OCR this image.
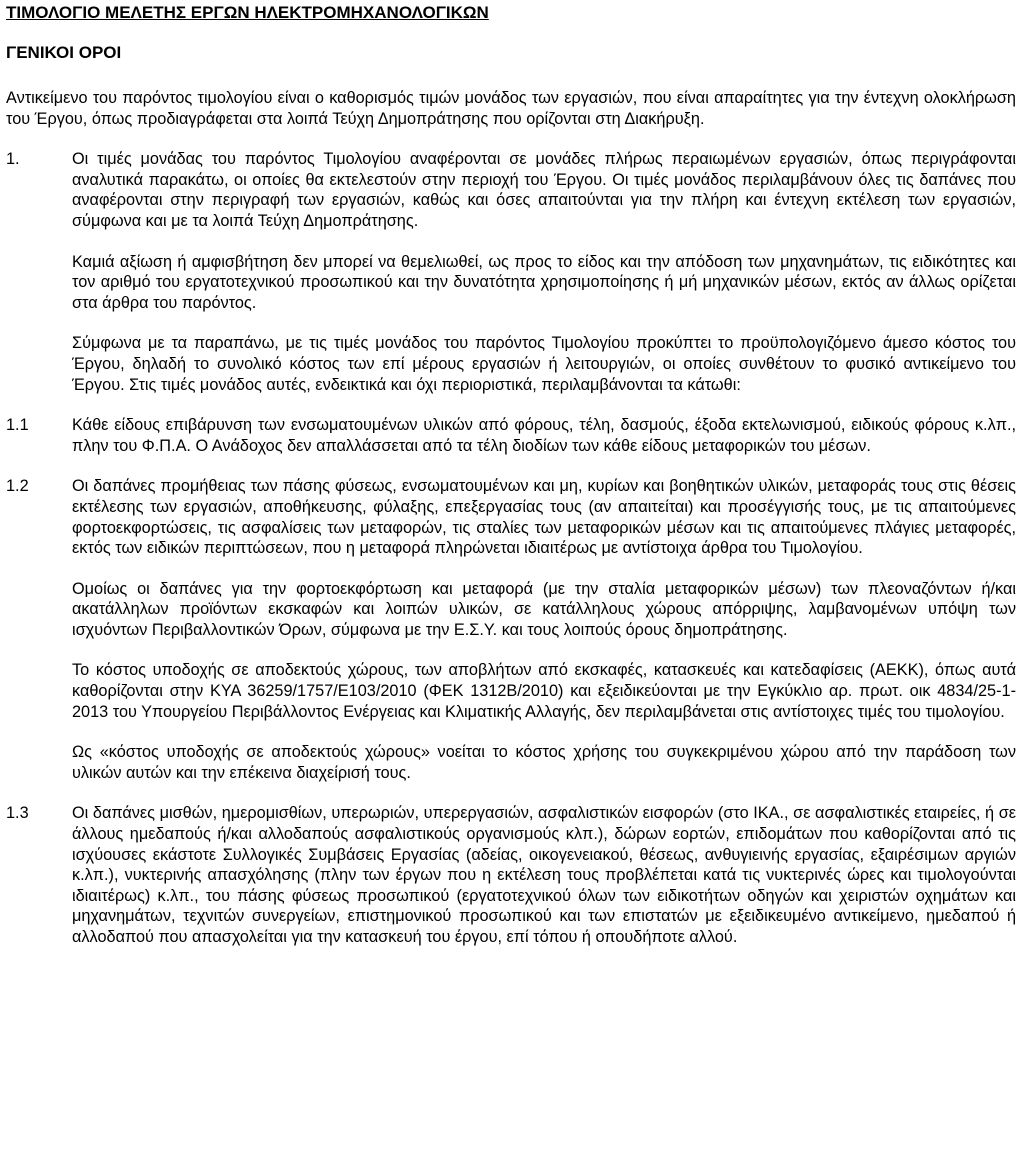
ΤΙΜΟΛΟΓΙΟ ΜΕΛΕΤΗΣ ΕΡΓΩΝ ΗΛΕΚΤΡΟΜΗΧΑΝΟΛΟΓΙΚΩΝ
ΓΕΝΙΚΟΙ ΟΡΟΙ

Αντικείμενο του παρόντος τιμολογίου είναι ο καθορισμός τιμών μονάδος των εργασιών, που είναι απαραίτητες για την έντεχνη ολοκλήρωση του Έργου, όπως προδιαγράφεται στα λοιπά Τεύχη Δημοπράτησης που ορίζονται στη Διακήρυξη.

1.	Οι τιμές μονάδας του παρόντος Τιμολογίου αναφέρονται σε μονάδες πλήρως περαιωμένων εργασιών, όπως περιγράφονται αναλυτικά παρακάτω, οι οποίες θα εκτελεστούν στην περιοχή του Έργου. Οι τιμές μονάδος περιλαμβάνουν όλες τις δαπάνες που αναφέρονται στην περιγραφή των εργασιών, καθώς και όσες απαιτούνται για την πλήρη και έντεχνη εκτέλεση των εργασιών, σύμφωνα και με τα λοιπά Τεύχη Δημοπράτησης.

Καμιά αξίωση ή αμφισβήτηση δεν μπορεί να θεμελιωθεί, ως προς το είδος και την απόδοση των μηχανημάτων, τις ειδικότητες και τον αριθμό του εργατοτεχνικού προσωπικού και την δυνατότητα χρησιμοποίησης ή μή μηχανικών μέσων, εκτός αν άλλως ορίζεται στα άρθρα του παρόντος.

Σύμφωνα με τα παραπάνω, με τις τιμές μονάδος του παρόντος Τιμολογίου προκύπτει το προϋπολογιζόμενο άμεσο κόστος του Έργου, δηλαδή το συνολικό κόστος των επί μέρους εργασιών ή λειτουργιών, οι οποίες συνθέτουν το φυσικό αντικείμενο του Έργου. Στις τιμές μονάδος αυτές, ενδεικτικά και όχι περιοριστικά, περιλαμβάνονται τα κάτωθι:

1.1	Κάθε είδους επιβάρυνση των ενσωματουμένων υλικών από φόρους, τέλη, δασμούς, έξοδα εκτελωνισμού, ειδικούς φόρους κ.λπ., πλην του Φ.Π.Α. Ο Ανάδοχος δεν απαλλάσσεται από τα τέλη διοδίων των κάθε είδους μεταφορικών του μέσων.

1.2	Οι δαπάνες προμήθειας των πάσης φύσεως, ενσωματουμένων και μη, κυρίων και βοηθητικών υλικών, μεταφοράς τους στις θέσεις εκτέλεσης των εργασιών, αποθήκευσης, φύλαξης, επεξεργασίας τους (αν απαιτείται) και προσέγγισής τους, με τις απαιτούμενες φορτοεκφορτώσεις, τις ασφαλίσεις των μεταφορών, τις σταλίες των μεταφορικών μέσων και τις απαιτούμενες πλάγιες μεταφορές, εκτός των ειδικών περιπτώσεων, που η μεταφορά πληρώνεται ιδιαιτέρως με αντίστοιχα άρθρα του Τιμολογίου.

Ομοίως οι δαπάνες για την φορτοεκφόρτωση και μεταφορά (με την σταλία μεταφορικών μέσων) των πλεοναζόντων ή/και ακατάλληλων προϊόντων εκσκαφών και λοιπών υλικών, σε κατάλληλους χώρους απόρριψης, λαμβανομένων υπόψη των ισχυόντων Περιβαλλοντικών Όρων, σύμφωνα με την Ε.Σ.Υ. και τους λοιπούς όρους δημοπράτησης.

Το κόστος υποδοχής σε αποδεκτούς χώρους, των αποβλήτων από εκσκαφές, κατασκευές και κατεδαφίσεις (ΑΕΚΚ), όπως αυτά καθορίζονται στην ΚΥΑ 36259/1757/E103/2010 (ΦΕΚ 1312Β/2010) και εξειδικεύονται με την Εγκύκλιο αρ. πρωτ. οικ 4834/25-1-2013 του Υπουργείου Περιβάλλοντος Ενέργειας και Κλιματικής Αλλαγής, δεν περιλαμβάνεται στις αντίστοιχες τιμές του τιμολογίου.

Ως «κόστος υποδοχής σε αποδεκτούς χώρους» νοείται το κόστος χρήσης του συγκεκριμένου χώρου από την παράδοση των υλικών αυτών και την επέκεινα διαχείρισή τους.

1.3	Οι δαπάνες μισθών, ημερομισθίων, υπερωριών, υπερεργασιών, ασφαλιστικών εισφορών (στο ΙΚΑ., σε ασφαλιστικές εταιρείες, ή σε άλλους ημεδαπούς ή/και αλλοδαπούς ασφαλιστικούς οργανισμούς κλπ.), δώρων εορτών, επιδομάτων που καθορίζονται από τις ισχύουσες εκάστοτε Συλλογικές Συμβάσεις Εργασίας (αδείας, οικογενειακού, θέσεως, ανθυγιεινής εργασίας, εξαιρέσιμων αργιών κ.λπ.), νυκτερινής απασχόλησης (πλην των έργων που η εκτέλεση τους προβλέπεται κατά τις νυκτερινές ώρες και τιμολογούνται ιδιαιτέρως) κ.λπ., του πάσης φύσεως προσωπικού (εργατοτεχνικού όλων των ειδικοτήτων οδηγών και χειριστών οχημάτων και μηχανημάτων, τεχνιτών συνεργείων, επιστημονικού προσωπικού και των επιστατών με εξειδικευμένο αντικείμενο, ημεδαπού ή αλλοδαπού που απασχολείται για την κατασκευή του έργου, επί τόπου ή οπουδήποτε αλλού.
